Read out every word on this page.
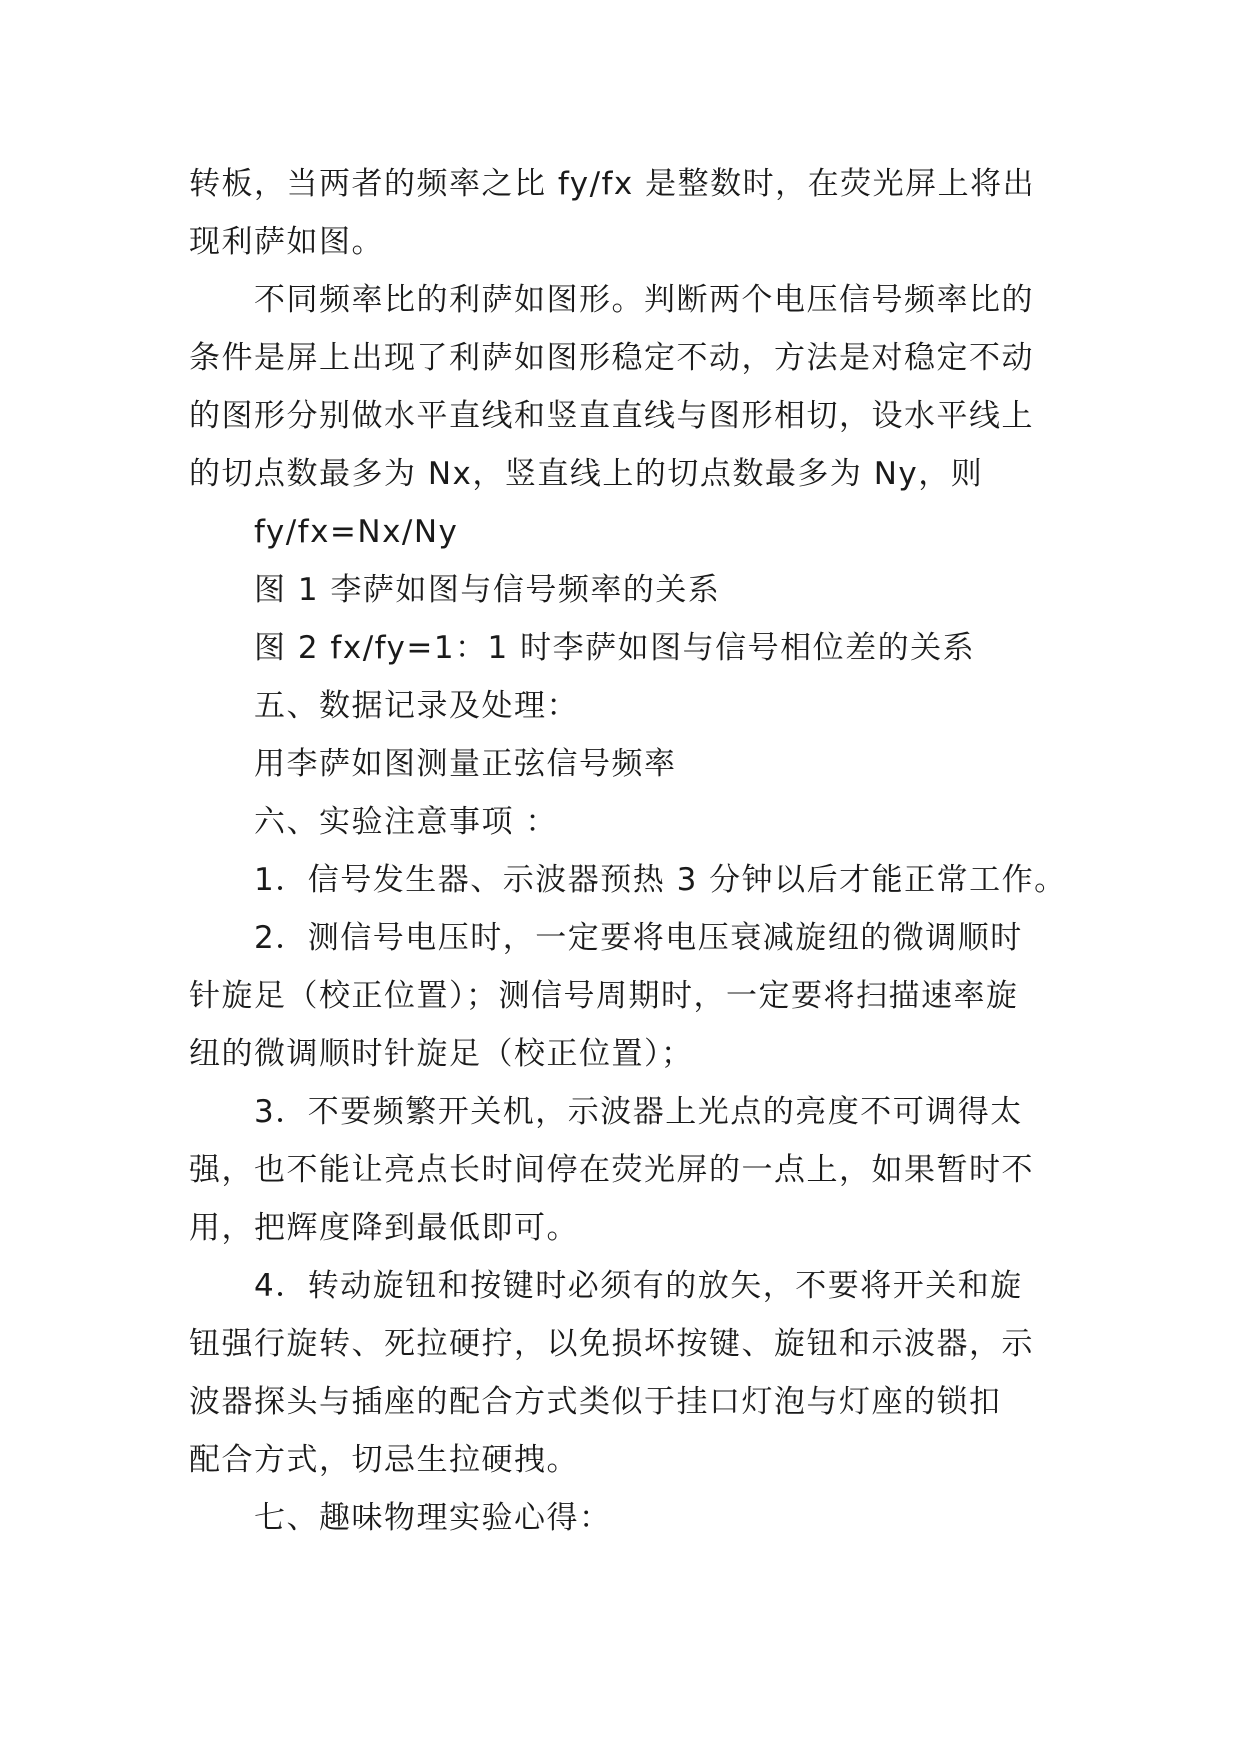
转板，当两者的频率之比 fy/fx 是整数时，在荧光屏上将出
现利萨如图。
不同频率比的利萨如图形。判断两个电压信号频率比的
条件是屏上出现了利萨如图形稳定不动，方法是对稳定不动
的图形分别做水平直线和竖直直线与图形相切，设水平线上
的切点数最多为 Nx，竖直线上的切点数最多为 Ny，则
fy/fx=Nx/Ny
图 1 李萨如图与信号频率的关系
图 2 fx/fy=1：1 时李萨如图与信号相位差的关系
五、数据记录及处理：
用李萨如图测量正弦信号频率
六、实验注意事项 ：
1．信号发生器、示波器预热 3 分钟以后才能正常工作。
2．测信号电压时，一定要将电压衰减旋纽的微调顺时
针旋足（校正位置）；测信号周期时，一定要将扫描速率旋
纽的微调顺时针旋足（校正位置）；
3．不要频繁开关机，示波器上光点的亮度不可调得太
强，也不能让亮点长时间停在荧光屏的一点上，如果暂时不
用，把辉度降到最低即可。
4．转动旋钮和按键时必须有的放矢，不要将开关和旋
钮强行旋转、死拉硬拧，以免损坏按键、旋钮和示波器，示
波器探头与插座的配合方式类似于挂口灯泡与灯座的锁扣
配合方式，切忌生拉硬拽。
七、趣味物理实验心得：
